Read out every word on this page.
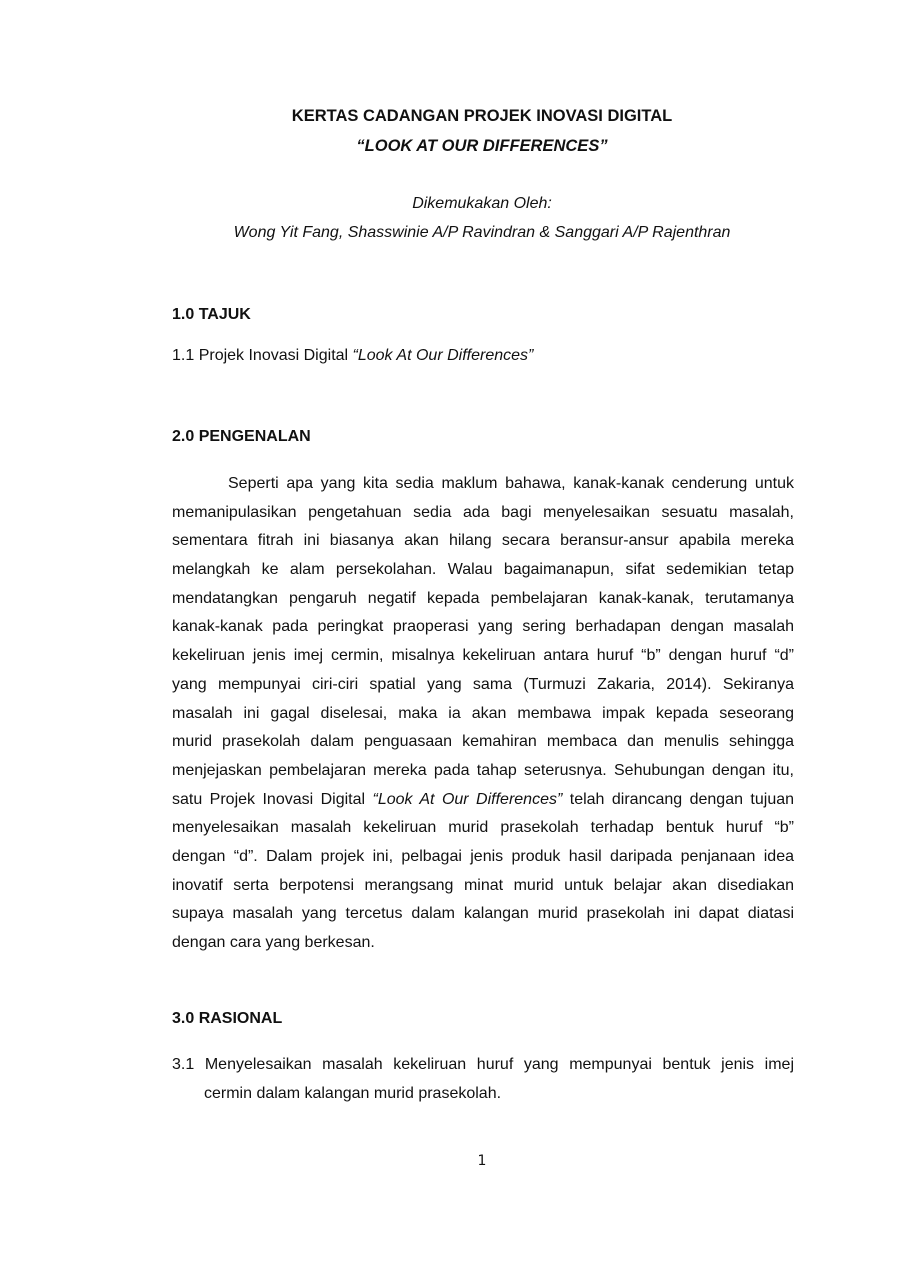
KERTAS CADANGAN PROJEK INOVASI DIGITAL
“LOOK AT OUR DIFFERENCES”
Dikemukakan Oleh:
Wong Yit Fang, Shasswinie A/P Ravindran & Sanggari A/P Rajenthran
1.0 TAJUK
1.1 Projek Inovasi Digital “Look At Our Differences”
2.0 PENGENALAN
Seperti apa yang kita sedia maklum bahawa, kanak-kanak cenderung untuk
memanipulasikan pengetahuan sedia ada bagi menyelesaikan sesuatu masalah,
sementara fitrah ini biasanya akan hilang secara beransur-ansur apabila mereka
melangkah ke alam persekolahan. Walau bagaimanapun, sifat sedemikian tetap
mendatangkan pengaruh negatif kepada pembelajaran kanak-kanak, terutamanya
kanak-kanak pada peringkat praoperasi yang sering berhadapan dengan masalah
kekeliruan jenis imej cermin, misalnya kekeliruan antara huruf “b” dengan huruf “d”
yang mempunyai ciri-ciri spatial yang sama (Turmuzi Zakaria, 2014). Sekiranya
masalah ini gagal diselesai, maka ia akan membawa impak kepada seseorang
murid prasekolah dalam penguasaan kemahiran membaca dan menulis sehingga
menjejaskan pembelajaran mereka pada tahap seterusnya. Sehubungan dengan itu,
satu Projek Inovasi Digital “Look At Our Differences” telah dirancang dengan tujuan
menyelesaikan masalah kekeliruan murid prasekolah terhadap bentuk huruf “b”
dengan “d”. Dalam projek ini, pelbagai jenis produk hasil daripada penjanaan idea
inovatif serta berpotensi merangsang minat murid untuk belajar akan disediakan
supaya masalah yang tercetus dalam kalangan murid prasekolah ini dapat diatasi
dengan cara yang berkesan.
3.0 RASIONAL
3.1 Menyelesaikan masalah kekeliruan huruf yang mempunyai bentuk jenis imej
cermin dalam kalangan murid prasekolah.
1
